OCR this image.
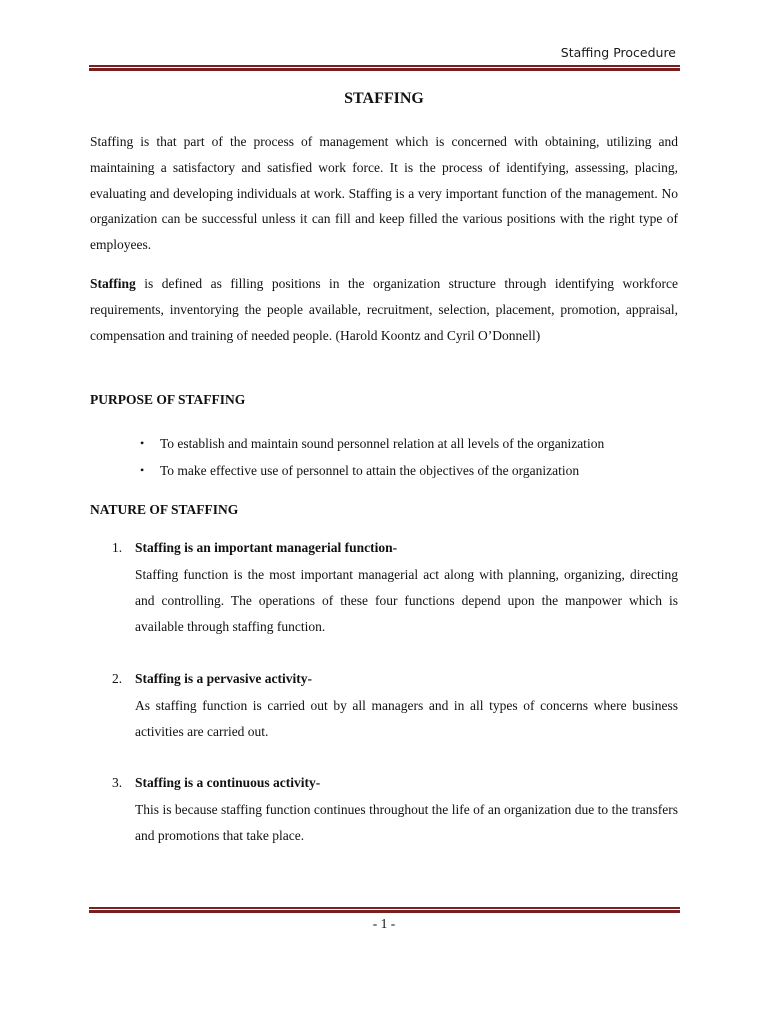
Staffing Procedure
STAFFING

Staffing is that part of the process of management which is concerned with obtaining, utilizing and maintaining a satisfactory and satisfied work force. It is the process of identifying, assessing, placing, evaluating and developing individuals at work. Staffing is a very important function of the management. No organization can be successful unless it can fill and keep filled the various positions with the right type of employees.

Staffing is defined as filling positions in the organization structure through identifying workforce requirements, inventorying the people available, recruitment, selection, placement, promotion, appraisal, compensation and training of needed people. (Harold Koontz and Cyril O’Donnell)

PURPOSE OF STAFFING
• To establish and maintain sound personnel relation at all levels of the organization
• To make effective use of personnel to attain the objectives of the organization
NATURE OF STAFFING
1. Staffing is an important managerial function-

Staffing function is the most important managerial act along with planning, organizing, directing and controlling. The operations of these four functions depend upon the manpower which is available through staffing function.

2. Staffing is a pervasive activity-

As staffing function is carried out by all managers and in all types of concerns where business activities are carried out.

3. Staffing is a continuous activity-

This is because staffing function continues throughout the life of an organization due to the transfers and promotions that take place.

- 1 -
